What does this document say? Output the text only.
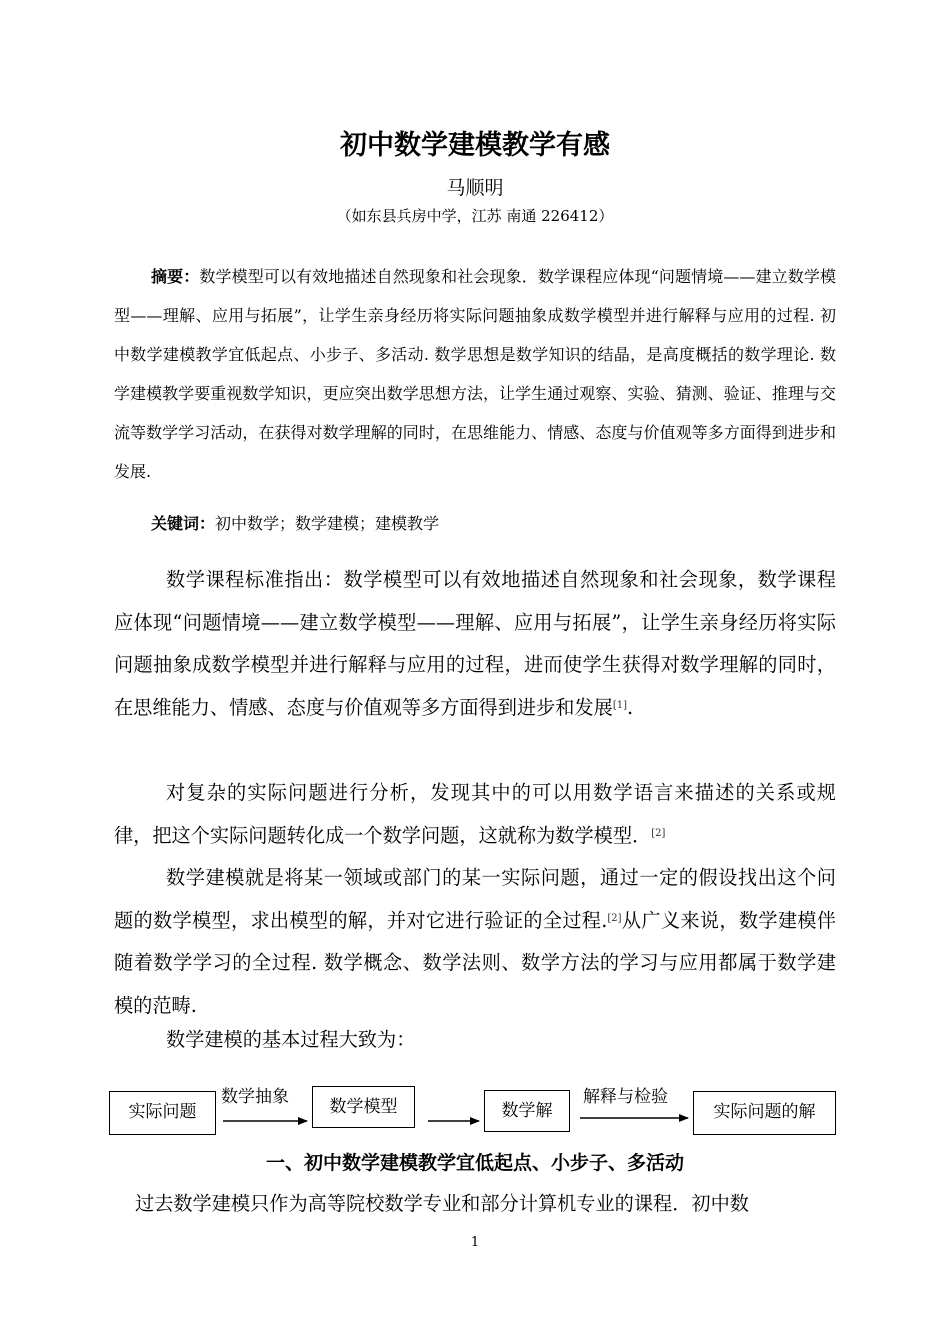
初中数学建模教学有感
马顺明
（如东县兵房中学，江苏 南通 226412）
摘要：数学模型可以有效地描述自然现象和社会现象．数学课程应体现“问题情境——建立数学模型——理解、应用与拓展”，让学生亲身经历将实际问题抽象成数学模型并进行解释与应用的过程. 初中数学建模教学宜低起点、小步子、多活动. 数学思想是数学知识的结晶，是高度概括的数学理论. 数学建模教学要重视数学知识，更应突出数学思想方法，让学生通过观察、实验、猜测、验证、推理与交流等数学学习活动，在获得对数学理解的同时，在思维能力、情感、态度与价值观等多方面得到进步和发展.
关键词：初中数学；数学建模；建模教学
数学课程标准指出：数学模型可以有效地描述自然现象和社会现象，数学课程应体现“问题情境——建立数学模型——理解、应用与拓展”，让学生亲身经历将实际问题抽象成数学模型并进行解释与应用的过程，进而使学生获得对数学理解的同时，在思维能力、情感、态度与价值观等多方面得到进步和发展[1].
对复杂的实际问题进行分析，发现其中的可以用数学语言来描述的关系或规律，把这个实际问题转化成一个数学问题，这就称为数学模型．[2]
数学建模就是将某一领域或部门的某一实际问题，通过一定的假设找出这个问题的数学模型，求出模型的解，并对它进行验证的全过程.[2]从广义来说，数学建模伴随着数学学习的全过程. 数学概念、数学法则、数学方法的学习与应用都属于数学建模的范畴.
数学建模的基本过程大致为：
实际问题
数学抽象	数学模型	数学解
解释与检验
实际问题的解
一、初中数学建模教学宜低起点、小步子、多活动
过去数学建模只作为高等院校数学专业和部分计算机专业的课程．初中数
1
